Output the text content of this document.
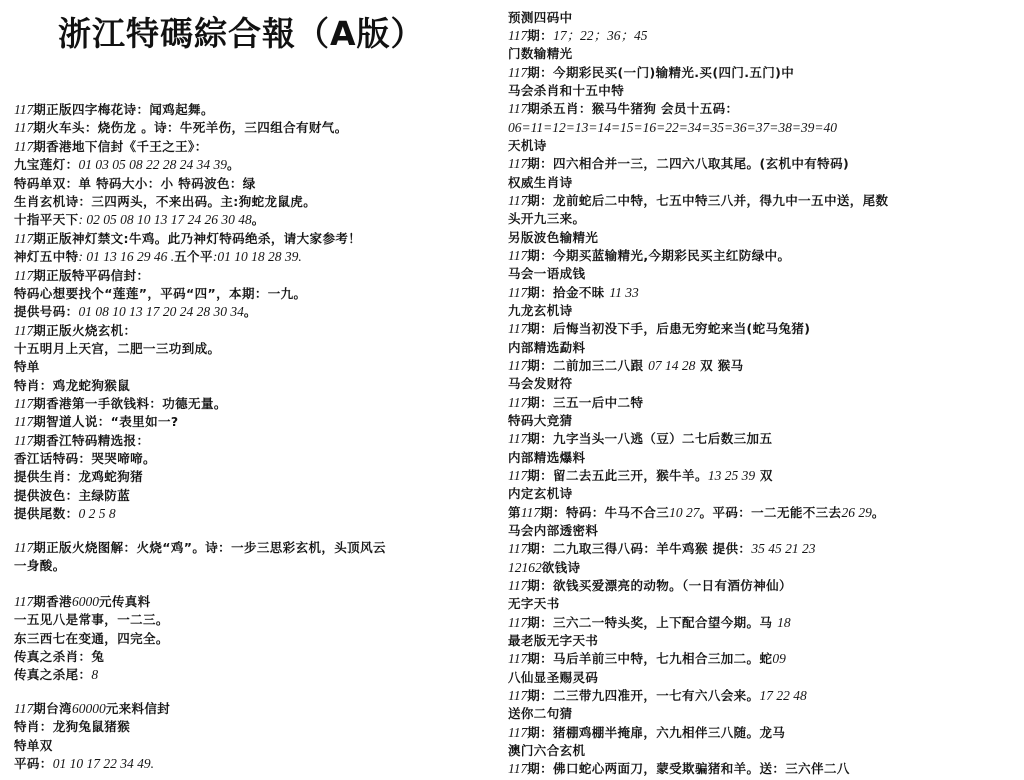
浙江特碼綜合報（A版）
117期正版四字梅花诗：闻鸡起舞。
117期火车头：烧伤龙 。诗：牛死羊伤，三四组合有财气。
117期香港地下信封《千王之王》：
九宝莲灯：01 03 05 08 22 28 24 34 39。
特码单双：单 特码大小：小 特码波色：绿
生肖玄机诗：三四两头，不来出码。主:狗蛇龙鼠虎。
十指平天下: 02 05 08 10 13 17 24 26 30 48。
117期正版神灯禁文:牛鸡。此乃神灯特码绝杀，请大家参考！
神灯五中特: 01 13 16 29 46 .五个平:01 10 18 28 39.
117期正版特平码信封：
特码心想要找个“莲莲”，平码“四”，本期：一九。
提供号码：01 08 10 13 17 20 24 28 30 34。
117期正版火烧玄机：
十五明月上天宫，二肥一三功到成。
特单
特肖：鸡龙蛇狗猴鼠
117期香港第一手欲钱料：功德无量。
117期智道人说：“表里如一?
117期香江特码精选报：
香江话特码：哭哭啼啼。
提供生肖：龙鸡蛇狗猪
提供波色：主绿防蓝
提供尾数：0 2 5 8
117期正版火烧图解：火烧“鸡”。诗：一步三思彩玄机，头顶风云
一身酸。
117期香港6000元传真料
一五见八是常事，一二三。
东三西七在变通，四完全。
传真之杀肖：兔
传真之杀尾：8
117期台湾60000元来料信封
特肖：龙狗兔鼠猪猴
特单双
平码：01 10 17 22 34 49.
预测四码中
117期：17；22；36；45
门数输精光
117期：今期彩民买(一门)输精光.买(四门.五门)中
马会杀肖和十五中特
117期杀五肖：猴马牛猪狗 会员十五码：
06=11=12=13=14=15=16=22=34=35=36=37=38=39=40
天机诗
117期：四六相合并一三，二四六八取其尾。(玄机中有特码)
权威生肖诗
117期：龙前蛇后二中特，七五中特三八并，得九中一五中送，尾数
头开九三来。
另版波色输精光
117期：今期买蓝输精光,今期彩民买主红防绿中。
马会一语成钱
117期：拾金不昧 11 33
九龙玄机诗
117期：后悔当初没下手，后患无穷蛇来当(蛇马兔猪)
内部精选勐料
117期：二前加三二八跟 07 14 28 双 猴马
马会发财符
117期：三五一后中二特
特码大竞猜
117期：九字当头一八逃（豆）二七后数三加五
内部精选爆料
117期：留二去五此三开，猴牛羊。13 25 39 双
内定玄机诗
第117期：特码：牛马不合三10 27。平码：一二无能不三去26 29。
马会内部透密料
117期：二九取三得八码：羊牛鸡猴 提供：35 45 21 23
12162欲钱诗
117期：欲钱买爱漂亮的动物。（一日有酒仿神仙）
无字天书
117期：三六二一特头奖，上下配合望今期。马 18
最老版无字天书
117期：马后羊前三中特，七九相合三加二。蛇09
八仙显圣赐灵码
117期：二三带九四准开，一七有六八会来。17 22 48
送你二句猜
117期：猪棚鸡棚半掩扉，六九相伴三八随。龙马
澳门六合玄机
117期：佛口蛇心两面刀，蒙受欺骗猪和羊。送：三六伴二八
